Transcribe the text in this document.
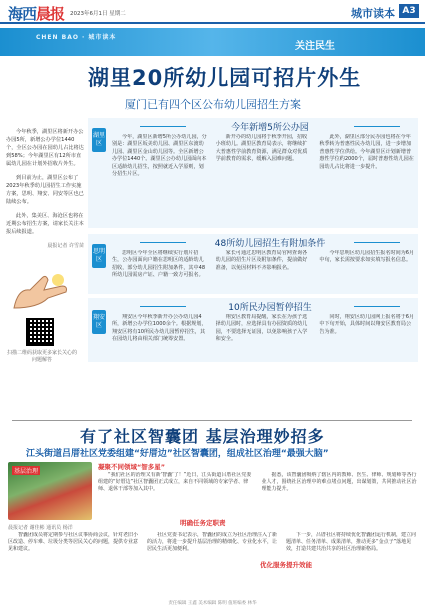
海西晨报 2023年6月1日 星期二	城市读本 A3
CHEN BAO · 城市读本
关注民生
湖里20所幼儿园可招片外生
厦门已有四个区公布幼儿园招生方案

今年秋季，湖里区将新开办公办园5所，新增公办学位1440个，全区公办园在园幼儿占比将达到58%；今年湖里区有12所市直属幼儿园在计划外招收片外生。

到目前为止，湖里区公布了2023年秋季幼儿园招生工作实施方案，思明、翔安、同安等区也已陆续公布。

此外，集美区、海沧区也将在近期公布招生方案，请家长关注本报后续报道。

晨报记者 许雪苗
扫描二维码获取更多家长关心的问题解答
湖里区
今年新增5所公办园
今年，湖里区新增5所公办幼儿园，分别是：湖里区坂美幼儿园、湖里区东渡幼儿园、湖里区金山幼儿园等。全区新增公办学位1440个。湖里区公办幼儿园面向本区适龄幼儿招生，按照就近入学原则，划分招生片区。
新开办的幼儿园将于秋季开园，招收小班幼儿。湖里区教育局表示，将继续扩大普惠性学前教育资源，满足群众对优质学前教育的需求，缓解入园难问题。
此外，湖里区部分民办园也将在今年秋季转为普惠性民办幼儿园，进一步增加普惠性学位供给。今年湖里区计划新增普惠性学位约2000个，届时普惠性幼儿园在园幼儿占比将进一步提升。
思明区
48所幼儿园招生有附加条件
思明区今年全区将继续实行划片招生，公办园面向户籍在思明区的适龄幼儿招收，部分幼儿园招生附加条件，其中48所幼儿园需房产证、户籍一致方可报名。
家长可通过思明区教育局官网查询各幼儿园的招生片区及附加条件，提前做好准备，以免因材料不齐影响报名。
今年思明区幼儿园招生报名时间为6月中旬，家长需按要求如实填写报名信息。
翔安区
10所民办园暂停招生
翔安区今年秋季新开办公办幼儿园4所，新增公办学位1000余个。根据规划，翔安区将有10所民办幼儿园暂停招生，其在园幼儿将由相关部门统筹安置。
翔安区教育局提醒，家长在为孩子选择幼儿园时，应选择具有办园资质的幼儿园，不要选择无证园，以免影响孩子入学和安全。
同时，翔安区幼儿园网上报名将于6月中下旬开始，具体时间以翔安区教育局公告为准。
有了社区智囊团 基层治理妙招多
江头街道吕厝社区党委组建“好厝边”社区智囊团，组成社区治理“最强大脑”
基层治理
晨报记者 谢佳彬 通讯员 杨洋
凝聚不同领域“智多星”
明确任务定职责
优化服务提升效能
“我们社区的治理又有新‘智囊’了！”近日，江头街道吕厝社区党委组建的“好厝边”社区智囊团正式成立，来自不同领域的专家学者、律师、退休干部等加入其中。
据悉，该智囊团吸纳了辖区内的教师、医生、律师、规划师等各行业人才，围绕社区治理中的难点堵点问题，出谋划策，共同推动社区治理能力提升。
智囊团成员将定期参与社区议事协商会议，针对老旧小区改造、停车难、垃圾分类等居民关心的问题，提供专业意见和建议。
社区党委书记表示，智囊团的成立为社区治理注入了新的活力，将进一步提升基层治理的精细化、专业化水平，让居民生活更加便利。
下一步，吕厝社区将持续优化智囊团运行机制，建立问题清单、任务清单、成果清单，推动更多“金点子”落地见效，打造共建共治共享的社区治理新格局。
责任编辑 王鑫 美术编辑 陈明 值班编委 林华
